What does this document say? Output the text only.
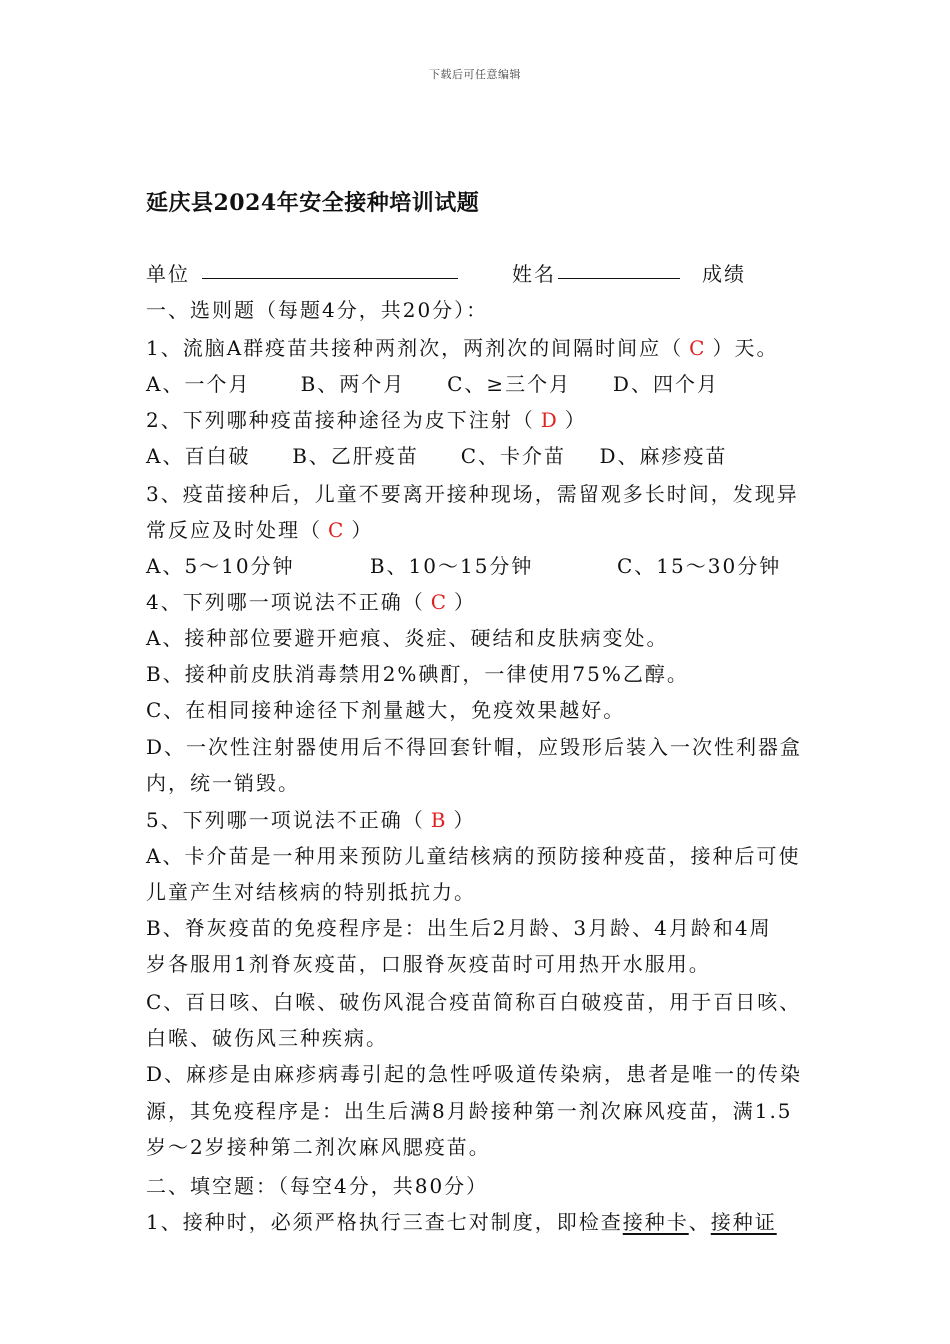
下载后可任意编辑
延庆县2024年安全接种培训试题
单位	姓名	成绩
一、选则题（每题4分，共20分）：
1、流脑A群疫苗共接种两剂次，两剂次的间隔时间应（ C ）天。
A、一个月      B、两个月     C、≥三个月     D、四个月
2、下列哪种疫苗接种途径为皮下注射（ D ）
A、百白破     B、乙肝疫苗     C、卡介苗    D、麻疹疫苗
3、疫苗接种后，儿童不要离开接种现场，需留观多长时间，发现异
常反应及时处理（ C ）
A、5～10分钟         B、10～15分钟          C、15～30分钟
4、下列哪一项说法不正确（ C ）
A、接种部位要避开疤痕、炎症、硬结和皮肤病变处。
B、接种前皮肤消毒禁用2%碘酊，一律使用75%乙醇。
C、在相同接种途径下剂量越大，免疫效果越好。
D、一次性注射器使用后不得回套针帽，应毁形后装入一次性利器盒
内，统一销毁。
5、下列哪一项说法不正确（ B ）
A、卡介苗是一种用来预防儿童结核病的预防接种疫苗，接种后可使
儿童产生对结核病的特别抵抗力。
B、脊灰疫苗的免疫程序是：出生后2月龄、3月龄、4月龄和4周
岁各服用1剂脊灰疫苗，口服脊灰疫苗时可用热开水服用。
C、百日咳、白喉、破伤风混合疫苗简称百白破疫苗，用于百日咳、
白喉、破伤风三种疾病。
D、麻疹是由麻疹病毒引起的急性呼吸道传染病，患者是唯一的传染
源，其免疫程序是：出生后满8月龄接种第一剂次麻风疫苗，满1.5
岁～2岁接种第二剂次麻风腮疫苗。
二、填空题：（每空4分，共80分）
1、接种时，必须严格执行三查七对制度，即检查接种卡、接种证
